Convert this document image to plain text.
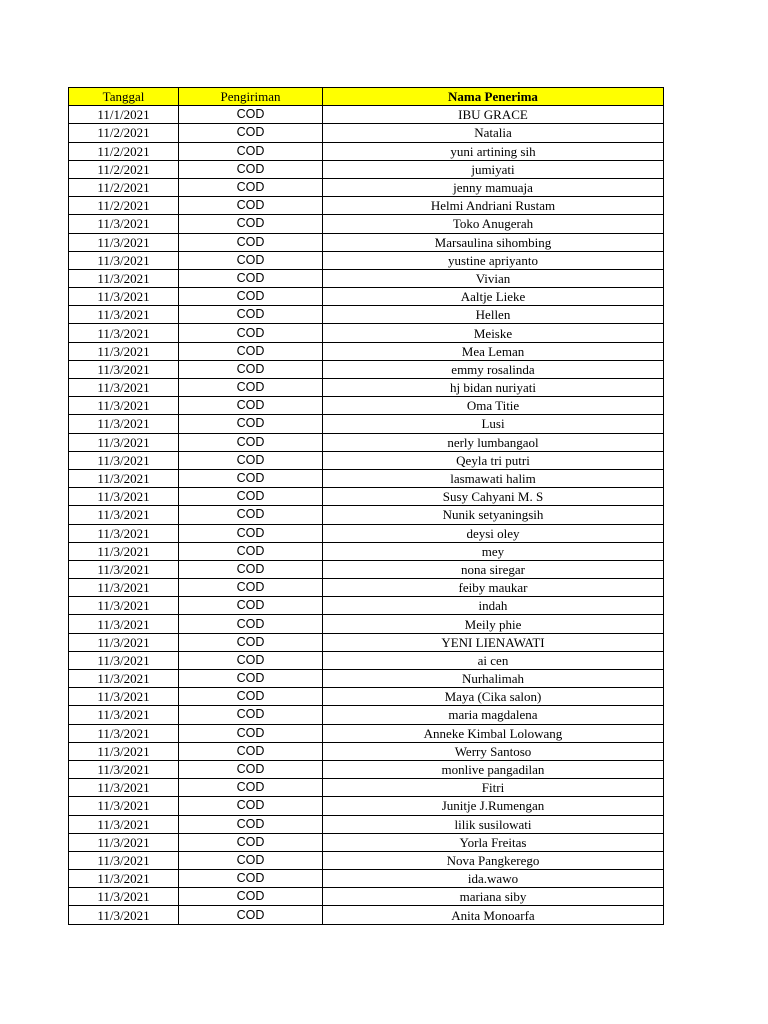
Tanggal	Pengiriman	Nama Penerima
11/1/2021	COD	IBU GRACE
11/2/2021	COD	Natalia
11/2/2021	COD	yuni artining sih
11/2/2021	COD	jumiyati
11/2/2021	COD	jenny mamuaja
11/2/2021	COD	Helmi Andriani Rustam
11/3/2021	COD	Toko Anugerah
11/3/2021	COD	Marsaulina sihombing
11/3/2021	COD	yustine apriyanto
11/3/2021	COD	Vivian
11/3/2021	COD	Aaltje Lieke
11/3/2021	COD	Hellen
11/3/2021	COD	Meiske
11/3/2021	COD	Mea Leman
11/3/2021	COD	emmy rosalinda
11/3/2021	COD	hj bidan nuriyati
11/3/2021	COD	Oma Titie
11/3/2021	COD	Lusi
11/3/2021	COD	nerly lumbangaol
11/3/2021	COD	Qeyla tri putri
11/3/2021	COD	lasmawati halim
11/3/2021	COD	Susy Cahyani M. S
11/3/2021	COD	Nunik setyaningsih
11/3/2021	COD	deysi oley
11/3/2021	COD	mey
11/3/2021	COD	nona siregar
11/3/2021	COD	feiby maukar
11/3/2021	COD	indah
11/3/2021	COD	Meily phie
11/3/2021	COD	YENI LIENAWATI
11/3/2021	COD	ai cen
11/3/2021	COD	Nurhalimah
11/3/2021	COD	Maya (Cika salon)
11/3/2021	COD	maria magdalena
11/3/2021	COD	Anneke Kimbal Lolowang
11/3/2021	COD	Werry Santoso
11/3/2021	COD	monlive pangadilan
11/3/2021	COD	Fitri
11/3/2021	COD	Junitje J.Rumengan
11/3/2021	COD	lilik susilowati
11/3/2021	COD	Yorla Freitas
11/3/2021	COD	Nova Pangkerego
11/3/2021	COD	ida.wawo
11/3/2021	COD	mariana siby
11/3/2021	COD	Anita Monoarfa
